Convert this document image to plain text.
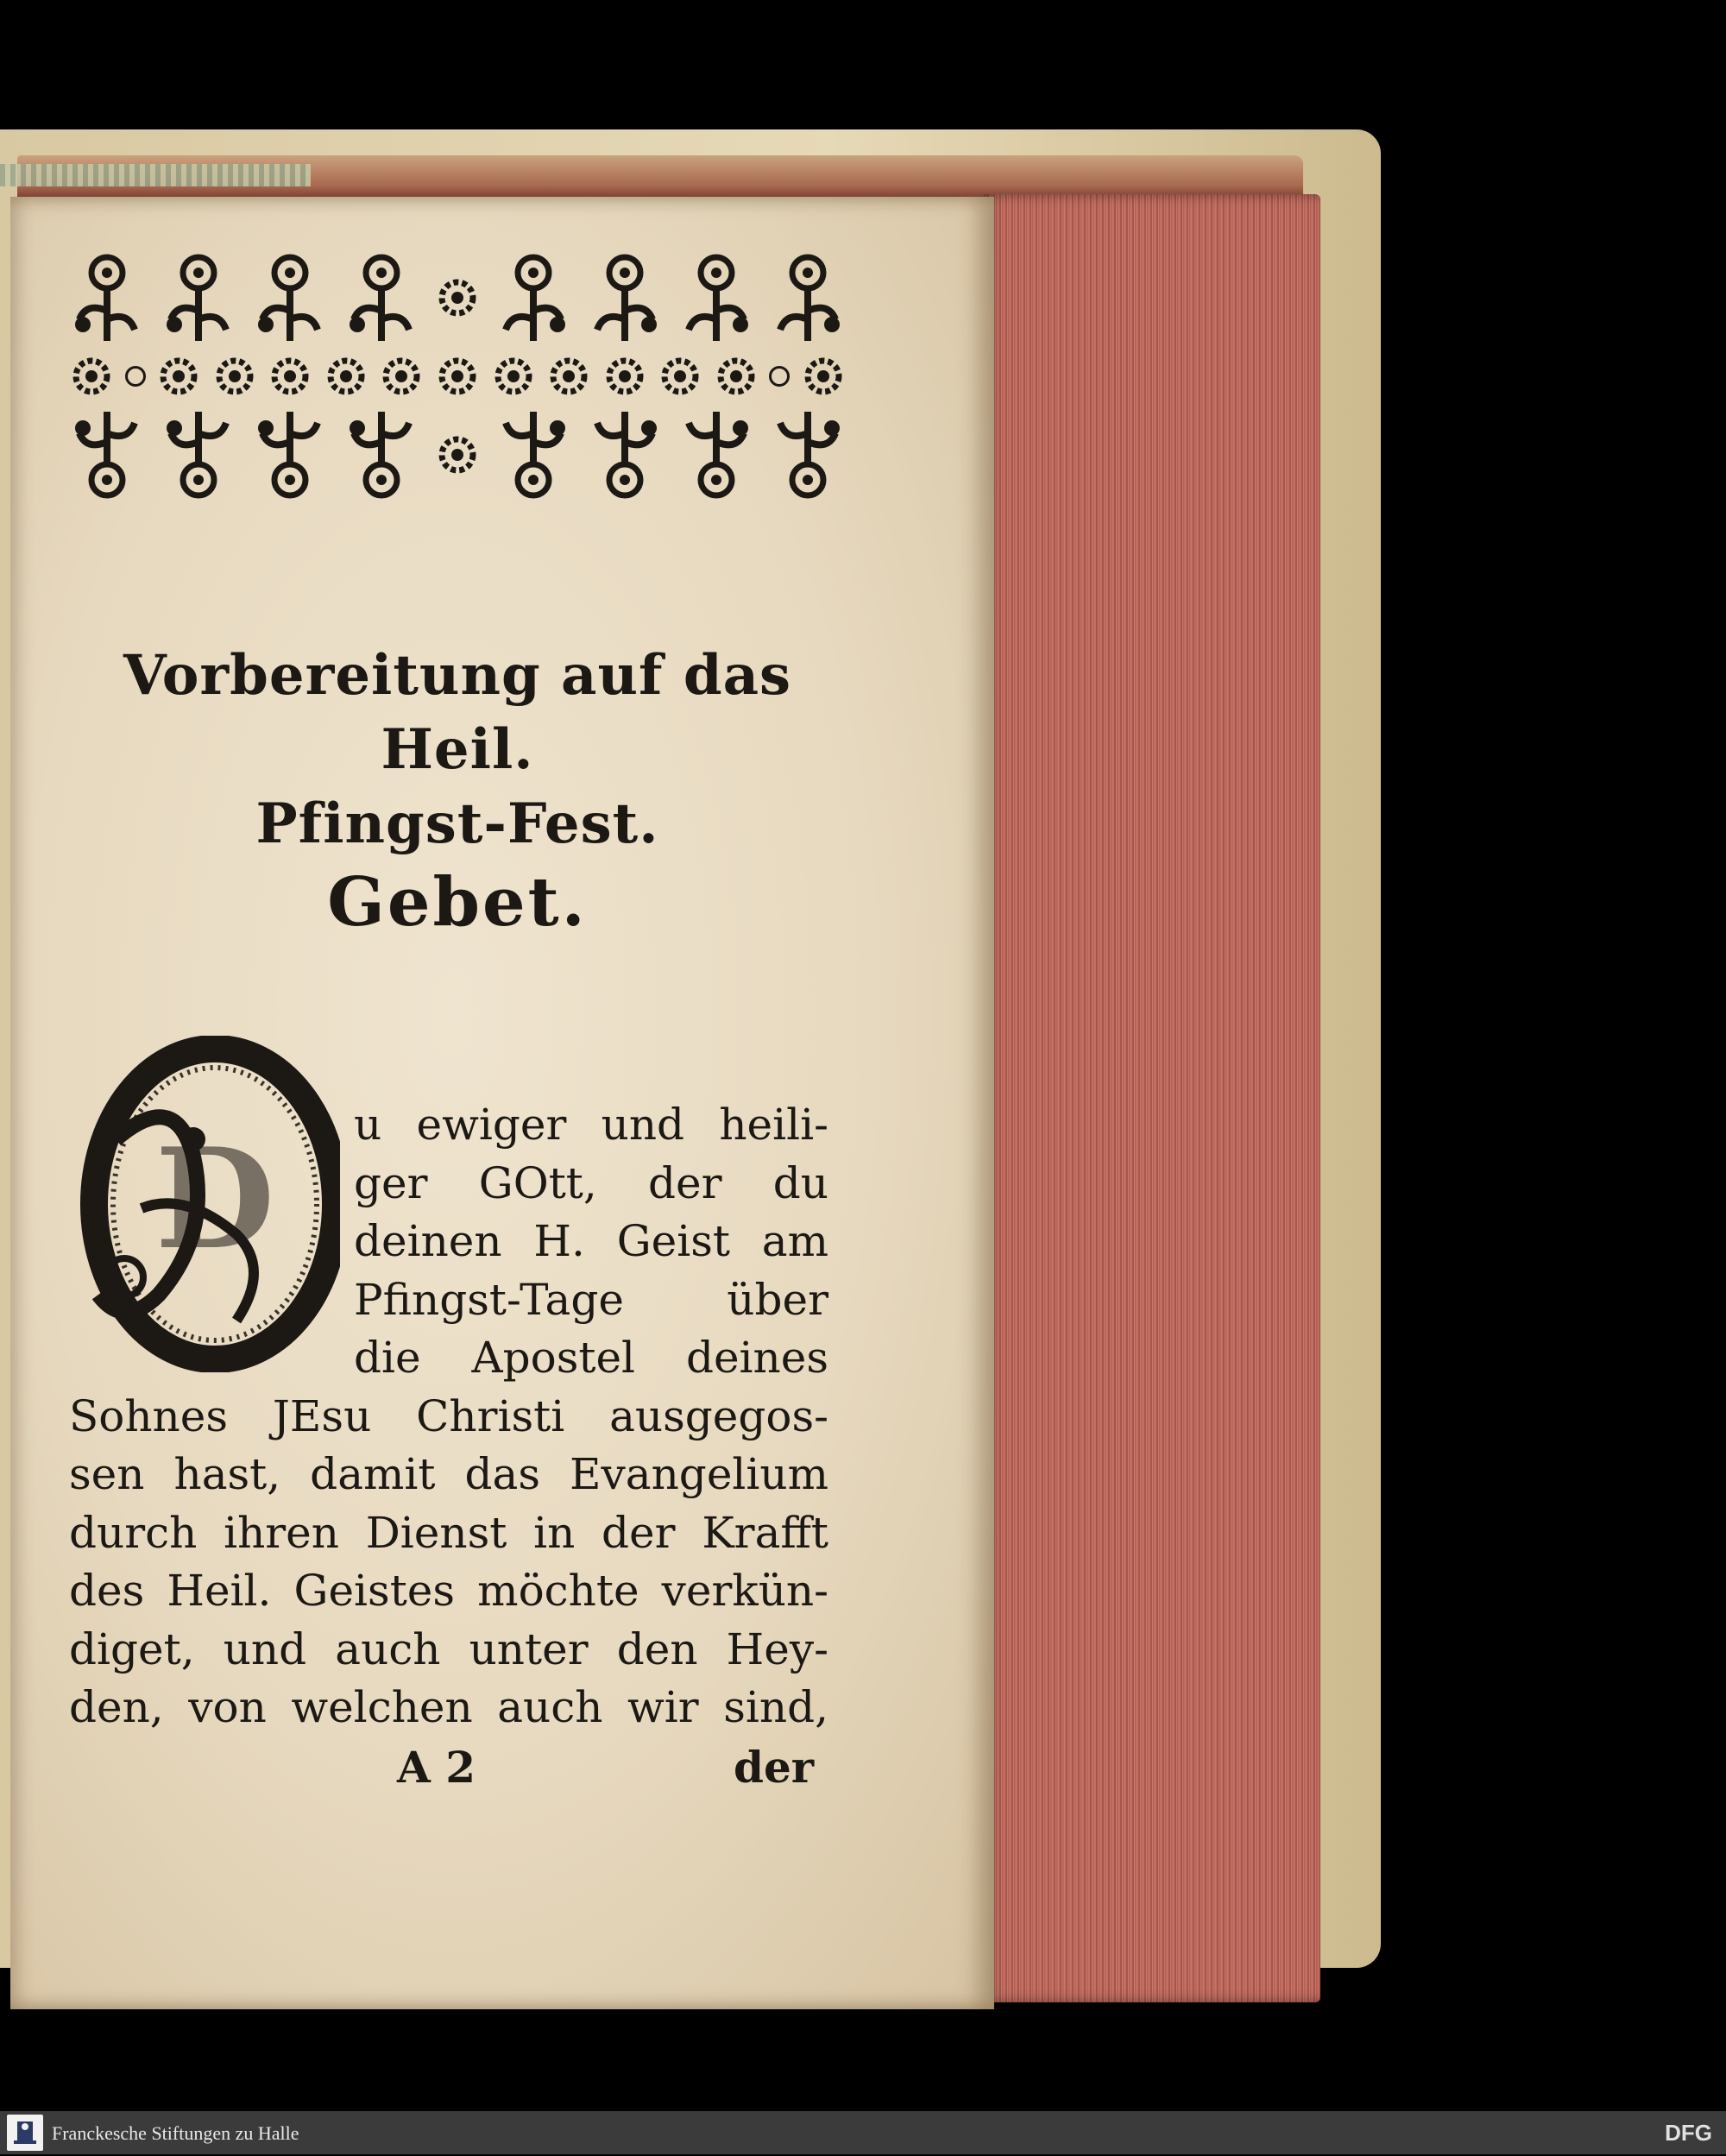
Vorbereitung auf das Heil.
Pfingst-Fest.
Gebet.
D	u ewiger und heili-
ger GOtt, der du
deinen H. Geist am
Pfingst-Tage über
die Apostel deines
Sohnes JEsu Christi ausgegos-
sen hast, damit das Evangelium
durch ihren Dienst in der Krafft
des Heil. Geistes möchte verkün-
diget, und auch unter den Hey-
den, von welchen auch wir sind,
A 2	der
Franckesche Stiftungen zu Halle	DFG
